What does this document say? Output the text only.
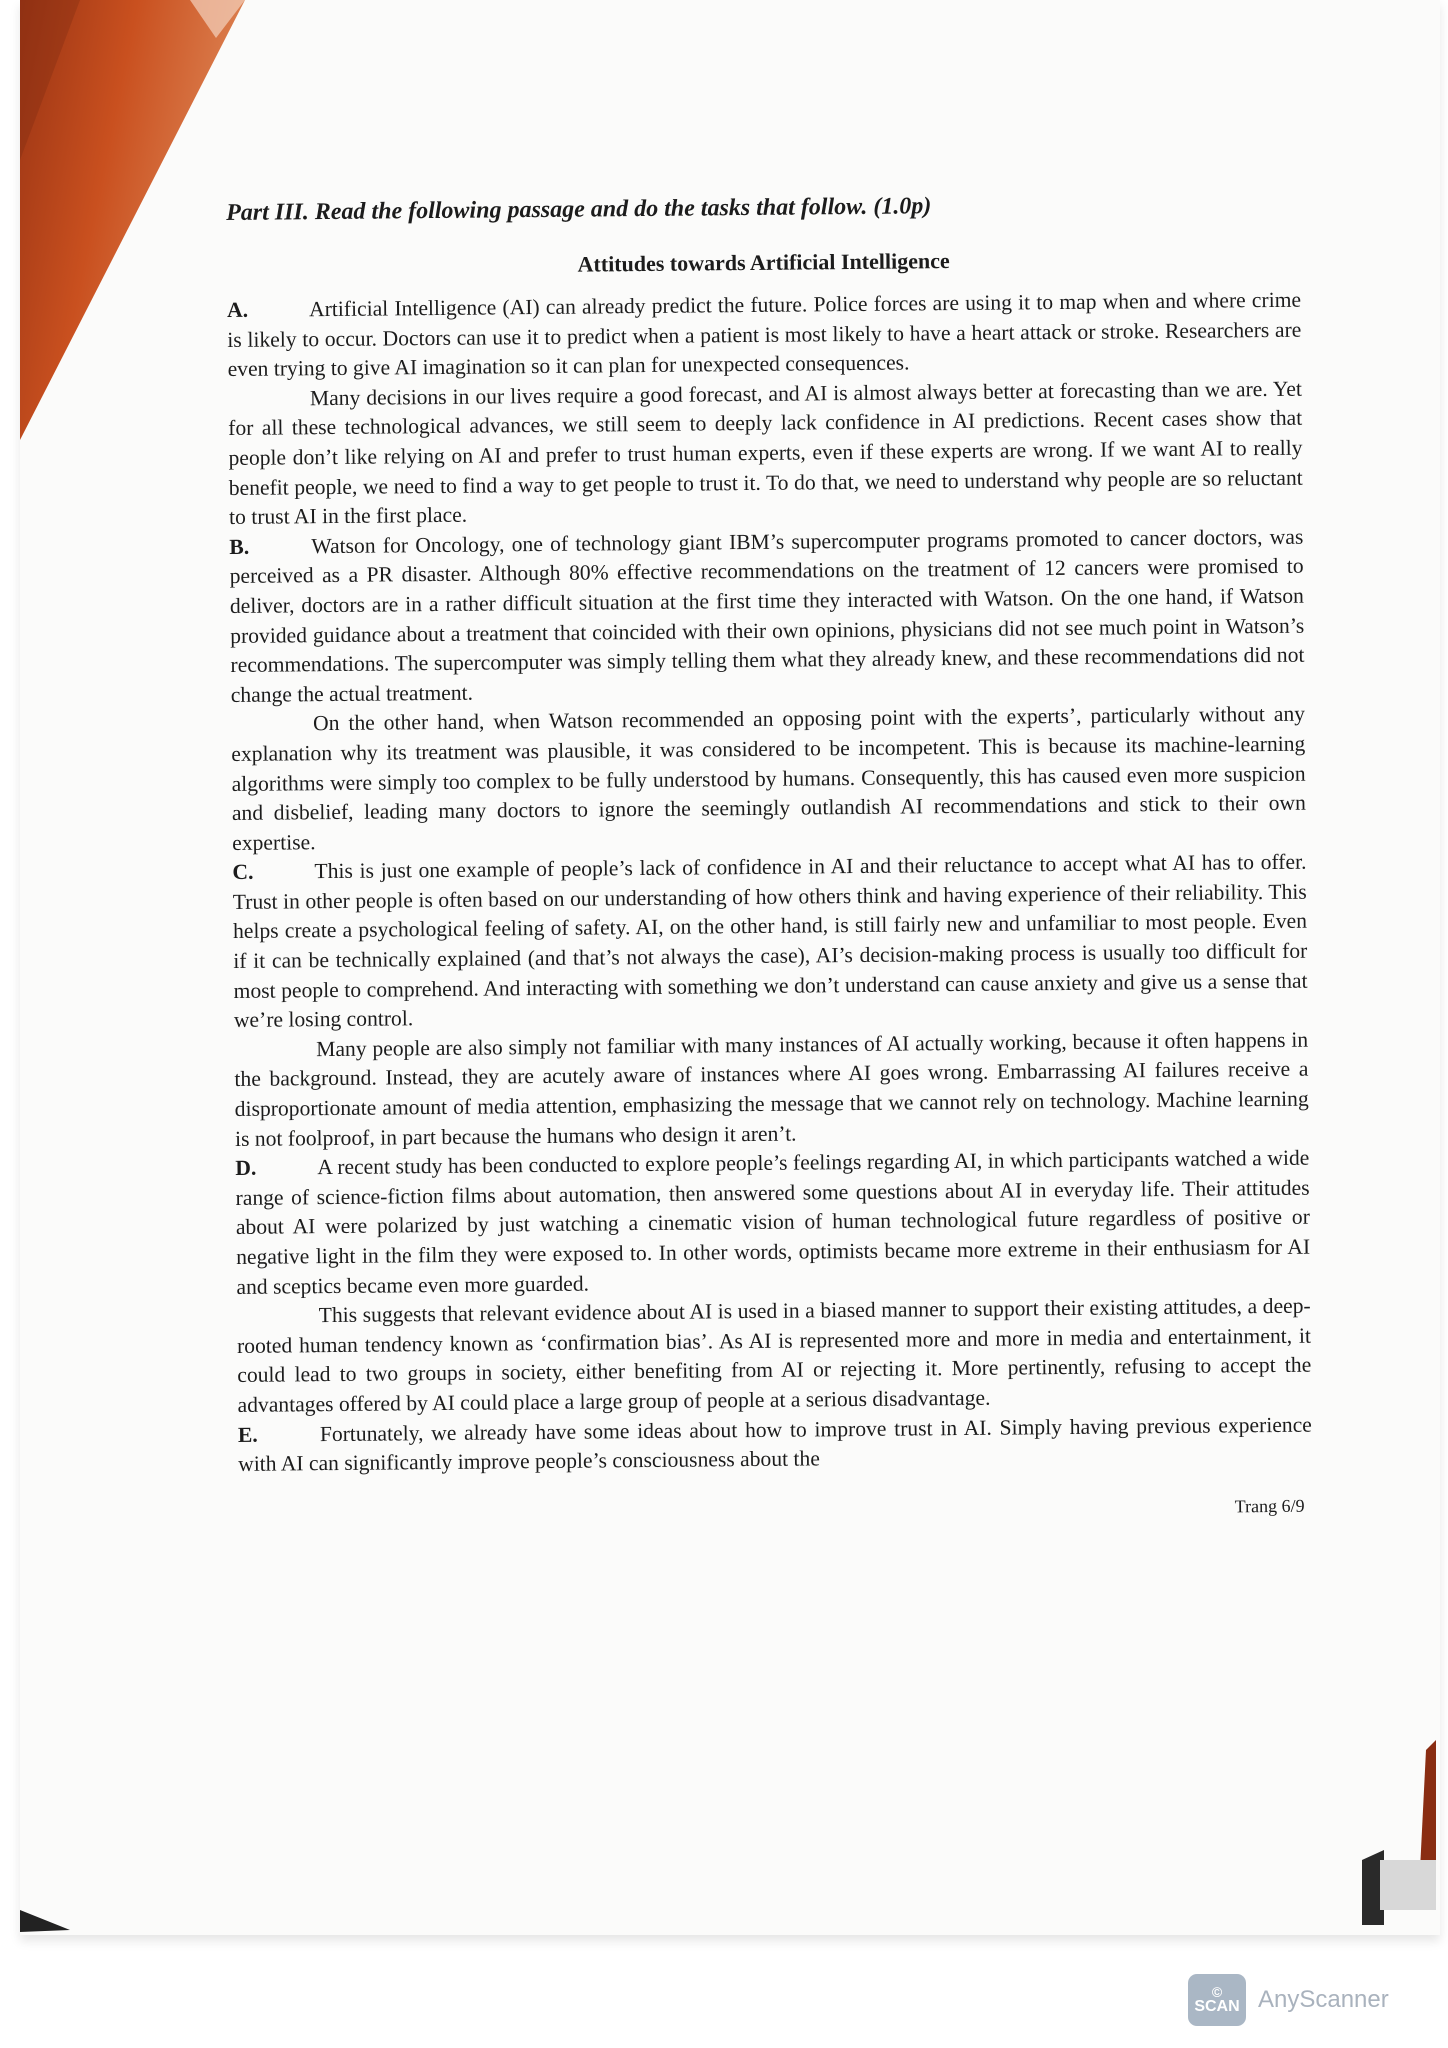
Part III. Read the following passage and do the tasks that follow. (1.0p)
Attitudes towards Artificial Intelligence

A.	Artificial Intelligence (AI) can already predict the future. Police forces are using it to map when and where crime is likely to occur. Doctors can use it to predict when a patient is most likely to have a heart attack or stroke. Researchers are even trying to give AI imagination so it can plan for unexpected consequences.

Many decisions in our lives require a good forecast, and AI is almost always better at forecasting than we are. Yet for all these technological advances, we still seem to deeply lack confidence in AI predictions. Recent cases show that people don’t like relying on AI and prefer to trust human experts, even if these experts are wrong. If we want AI to really benefit people, we need to find a way to get people to trust it. To do that, we need to understand why people are so reluctant to trust AI in the first place.

B.	Watson for Oncology, one of technology giant IBM’s supercomputer programs promoted to cancer doctors, was perceived as a PR disaster. Although 80% effective recommendations on the treatment of 12 cancers were promised to deliver, doctors are in a rather difficult situation at the first time they interacted with Watson. On the one hand, if Watson provided guidance about a treatment that coincided with their own opinions, physicians did not see much point in Watson’s recommendations. The supercomputer was simply telling them what they already knew, and these recommendations did not change the actual treatment.

On the other hand, when Watson recommended an opposing point with the experts’, particularly without any explanation why its treatment was plausible, it was considered to be incompetent. This is because its machine-learning algorithms were simply too complex to be fully understood by humans. Consequently, this has caused even more suspicion and disbelief, leading many doctors to ignore the seemingly outlandish AI recommendations and stick to their own expertise.

C.	This is just one example of people’s lack of confidence in AI and their reluctance to accept what AI has to offer. Trust in other people is often based on our understanding of how others think and having experience of their reliability. This helps create a psychological feeling of safety. AI, on the other hand, is still fairly new and unfamiliar to most people. Even if it can be technically explained (and that’s not always the case), AI’s decision-making process is usually too difficult for most people to comprehend. And interacting with something we don’t understand can cause anxiety and give us a sense that we’re losing control.

Many people are also simply not familiar with many instances of AI actually working, because it often happens in the background. Instead, they are acutely aware of instances where AI goes wrong. Embarrassing AI failures receive a disproportionate amount of media attention, emphasizing the message that we cannot rely on technology. Machine learning is not foolproof, in part because the humans who design it aren’t.

D.	A recent study has been conducted to explore people’s feelings regarding AI, in which participants watched a wide range of science-fiction films about automation, then answered some questions about AI in everyday life. Their attitudes about AI were polarized by just watching a cinematic vision of human technological future regardless of positive or negative light in the film they were exposed to. In other words, optimists became more extreme in their enthusiasm for AI and sceptics became even more guarded.

This suggests that relevant evidence about AI is used in a biased manner to support their existing attitudes, a deep-rooted human tendency known as ‘confirmation bias’. As AI is represented more and more in media and entertainment, it could lead to two groups in society, either benefiting from AI or rejecting it. More pertinently, refusing to accept the advantages offered by AI could place a large group of people at a serious disadvantage.

E.	Fortunately, we already have some ideas about how to improve trust in AI. Simply having previous experience with AI can significantly improve people’s consciousness about the

Trang 6/9
©
SCAN AnyScanner
